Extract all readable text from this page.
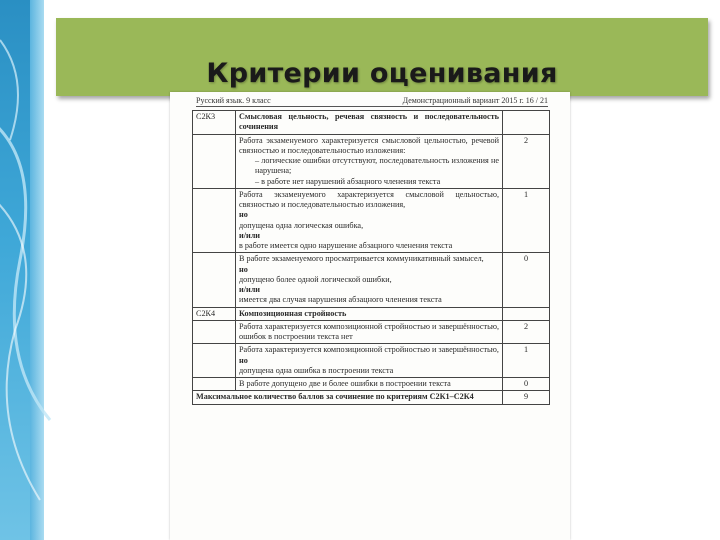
Критерии оценивания
Русский язык. 9 класс	Демонстрационный вариант 2015 г. 16 / 21
С2К3	Смысловая цельность, речевая связность и последовательность сочинения	

	Работа экзаменуемого характеризуется смысловой цельностью, речевой связностью и последовательностью изложения:
– логические ошибки отсутствуют, последовательность изложения не нарушена;
– в работе нет нарушений абзацного членения текста	2

	Работа экзаменуемого характеризуется смысловой цельностью, связностью и последовательностью изложения,
но
допущена одна логическая ошибка,
и/или
в работе имеется одно нарушение абзацного членения текста	1

	В работе экзаменуемого просматривается коммуникативный замысел,
но
допущено более одной логической ошибки,
и/или
имеется два случая нарушения абзацного членения текста	0
С2К4	Композиционная стройность	
	Работа характеризуется композиционной стройностью и завершённостью, ошибок в построении текста нет	2

	Работа характеризуется композиционной стройностью и завершённостью,
но
допущена одна ошибка в построении текста	1
	В работе допущено две и более ошибки в построении текста	0
Максимальное количество баллов за сочинение по критериям С2К1–С2К4		9
